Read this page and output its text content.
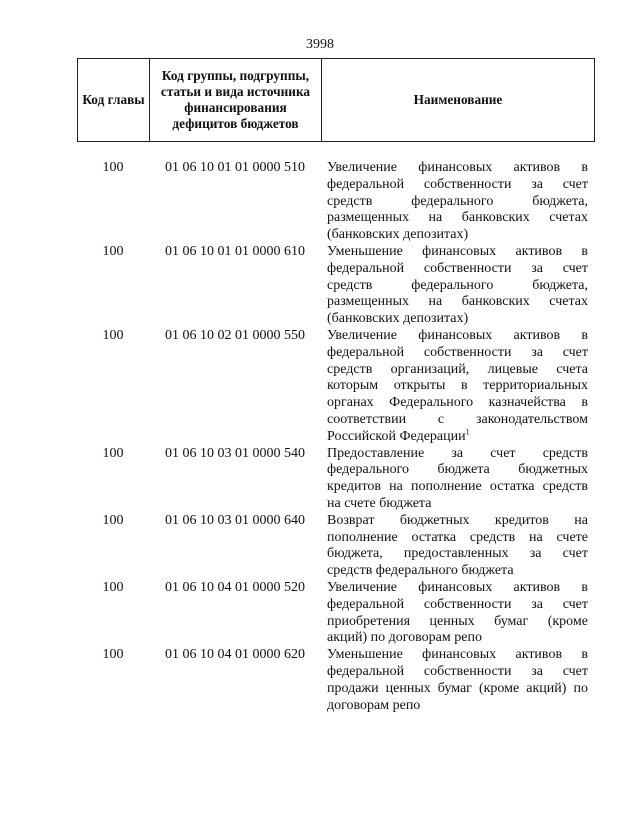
3998
Код главы	Код группы, подгруппы, статьи и вида источника финансирования дефицитов бюджетов	Наименование
100	01 06 10 01 01 0000 510	Увеличение финансовых активов в
федеральной собственности за счет
средств федерального бюджета,
размещенных на банковских счетах
(банковских депозитах)
100	01 06 10 01 01 0000 610	Уменьшение финансовых активов в
федеральной собственности за счет
средств федерального бюджета,
размещенных на банковских счетах
(банковских депозитах)
100	01 06 10 02 01 0000 550	Увеличение финансовых активов в
федеральной собственности за счет
средств организаций, лицевые счета
которым открыты в территориальных
органах Федерального казначейства в
соответствии с законодательством
Российской Федерации$^1$
100	01 06 10 03 01 0000 540	Предоставление за счет средств
федерального бюджета бюджетных
кредитов на пополнение остатка средств
на счете бюджета
100	01 06 10 03 01 0000 640	Возврат бюджетных кредитов на
пополнение остатка средств на счете
бюджета, предоставленных за счет
средств федерального бюджета
100	01 06 10 04 01 0000 520	Увеличение финансовых активов в
федеральной собственности за счет
приобретения ценных бумаг (кроме
акций) по договорам репо
100	01 06 10 04 01 0000 620	Уменьшение финансовых активов в
федеральной собственности за счет
продажи ценных бумаг (кроме акций) по
договорам репо
